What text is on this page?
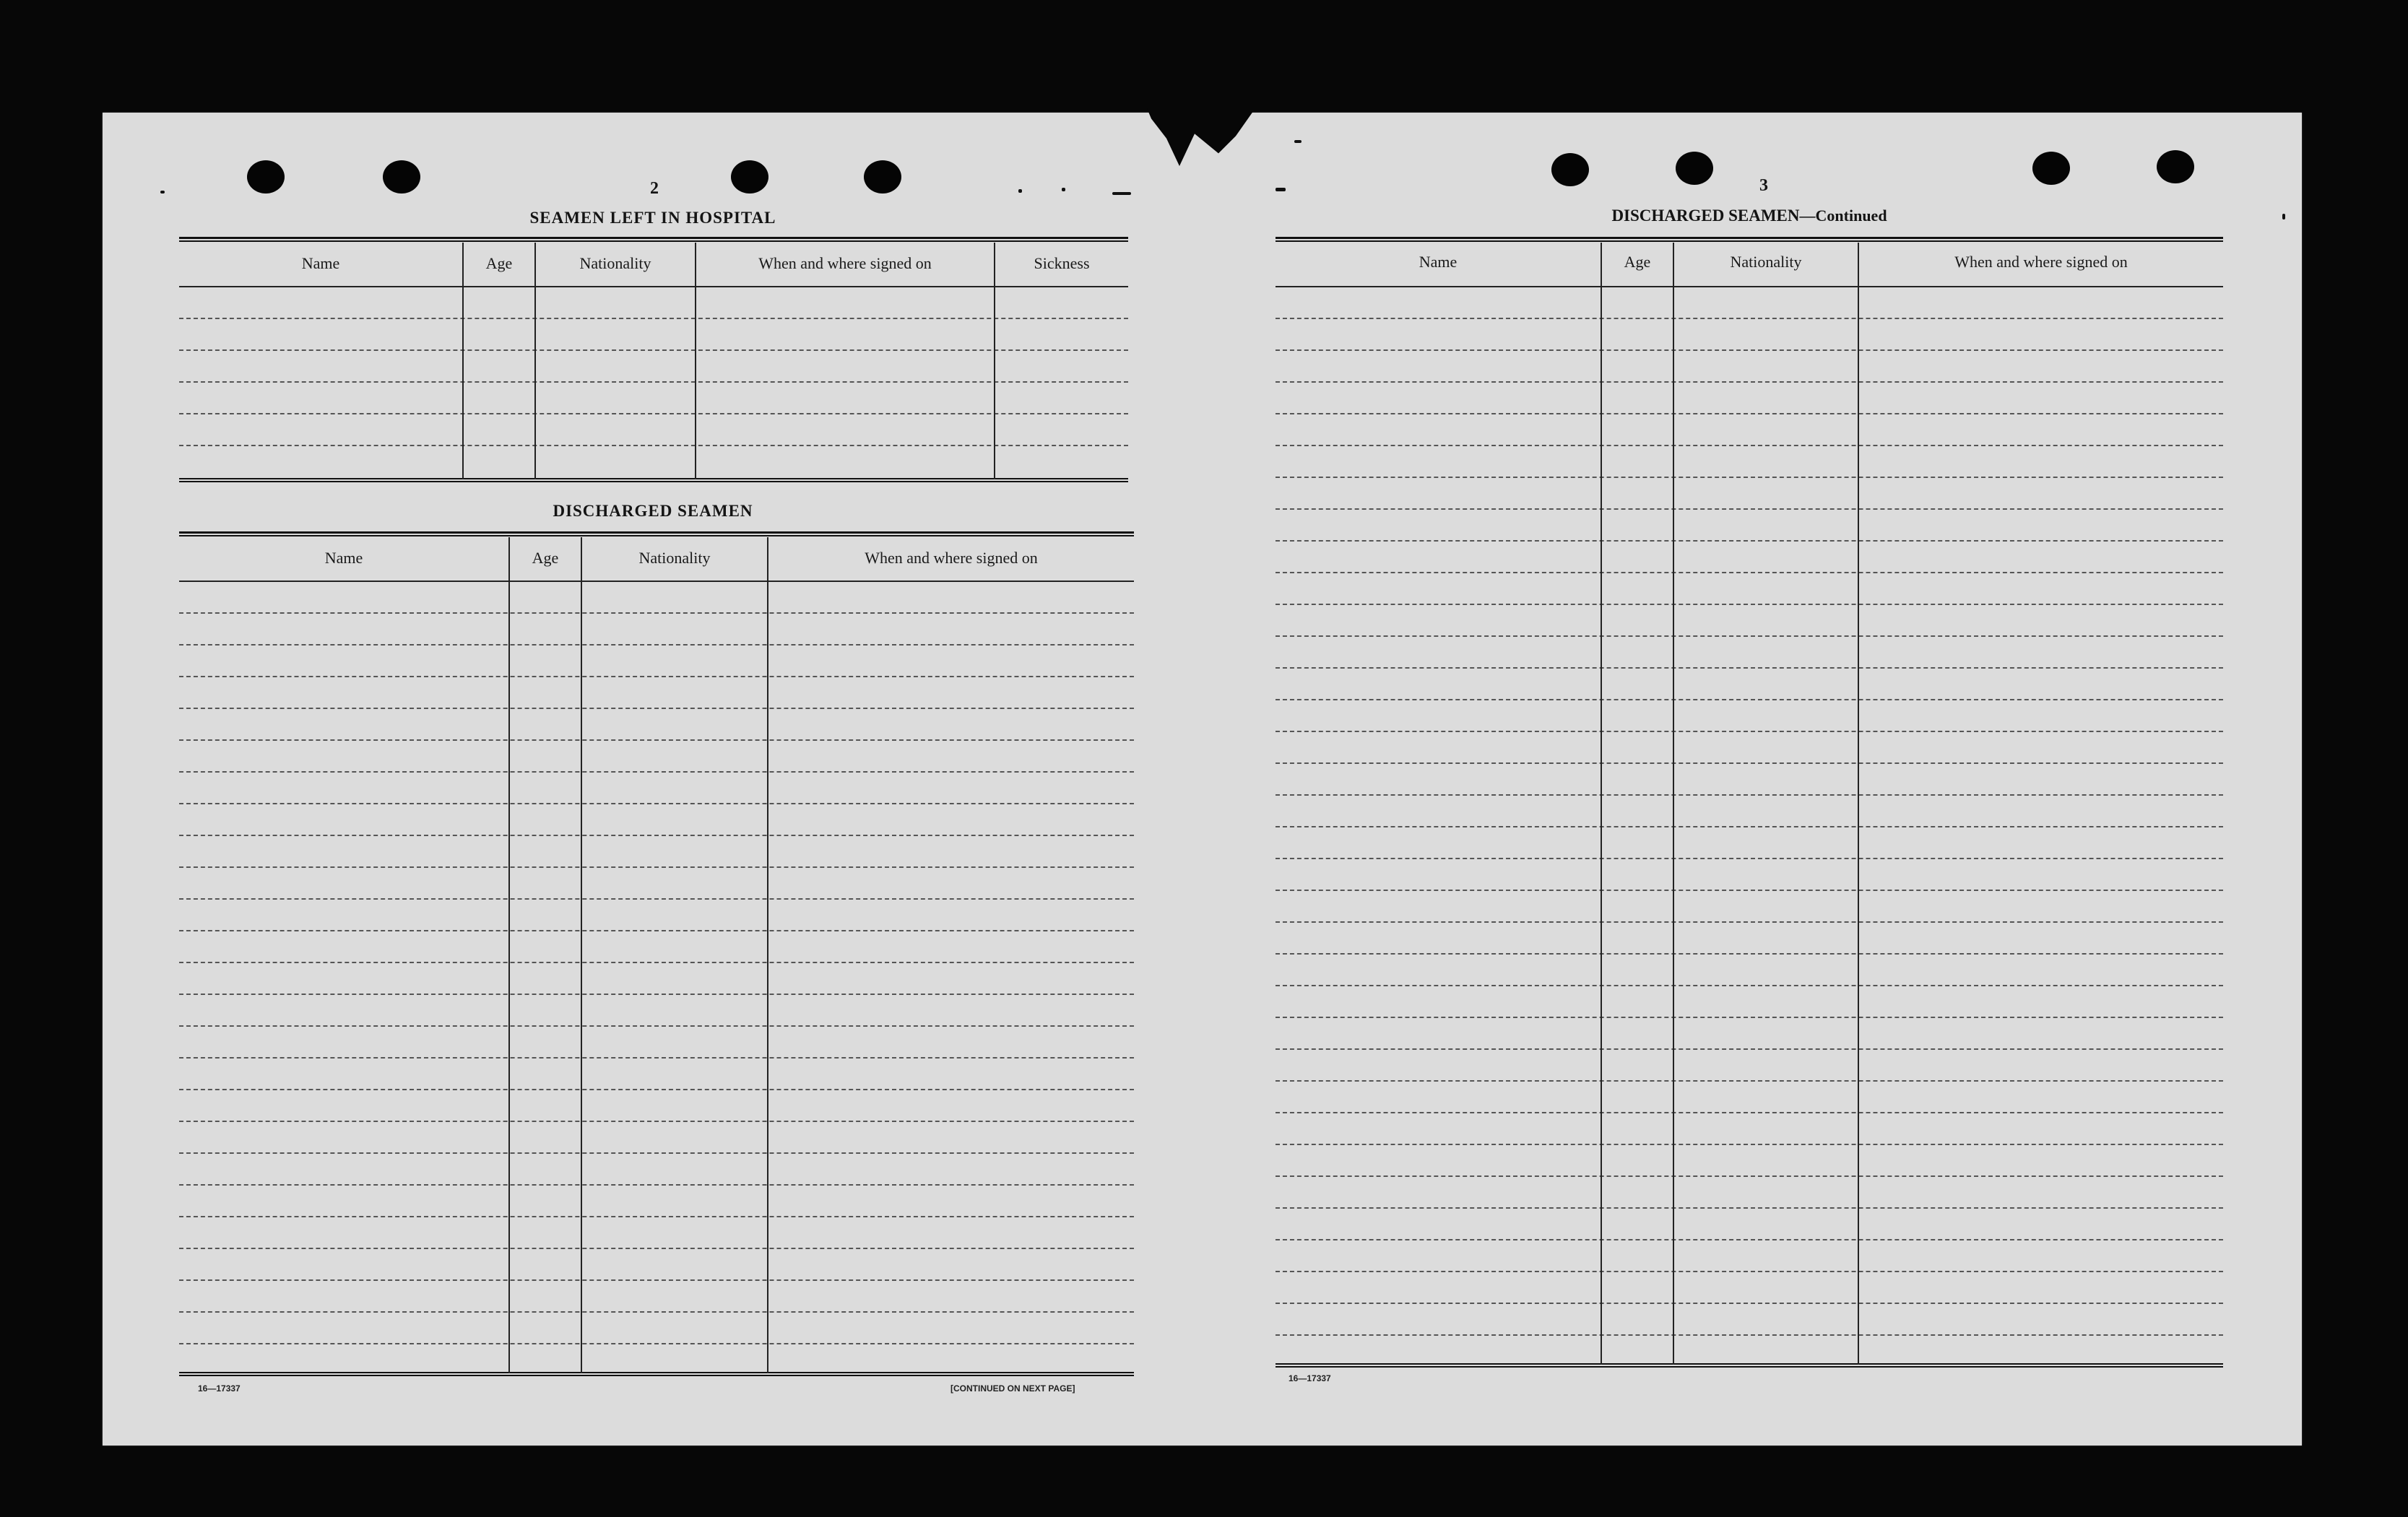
2
SEAMEN LEFT IN HOSPITAL
Name	Age	Nationality	When and where signed on	Sickness
DISCHARGED SEAMEN
Name	Age	Nationality	When and where signed on
16—17337	[CONTINUED ON NEXT PAGE]
3
DISCHARGED SEAMEN—Continued
Name	Age	Nationality	When and where signed on
16—17337
